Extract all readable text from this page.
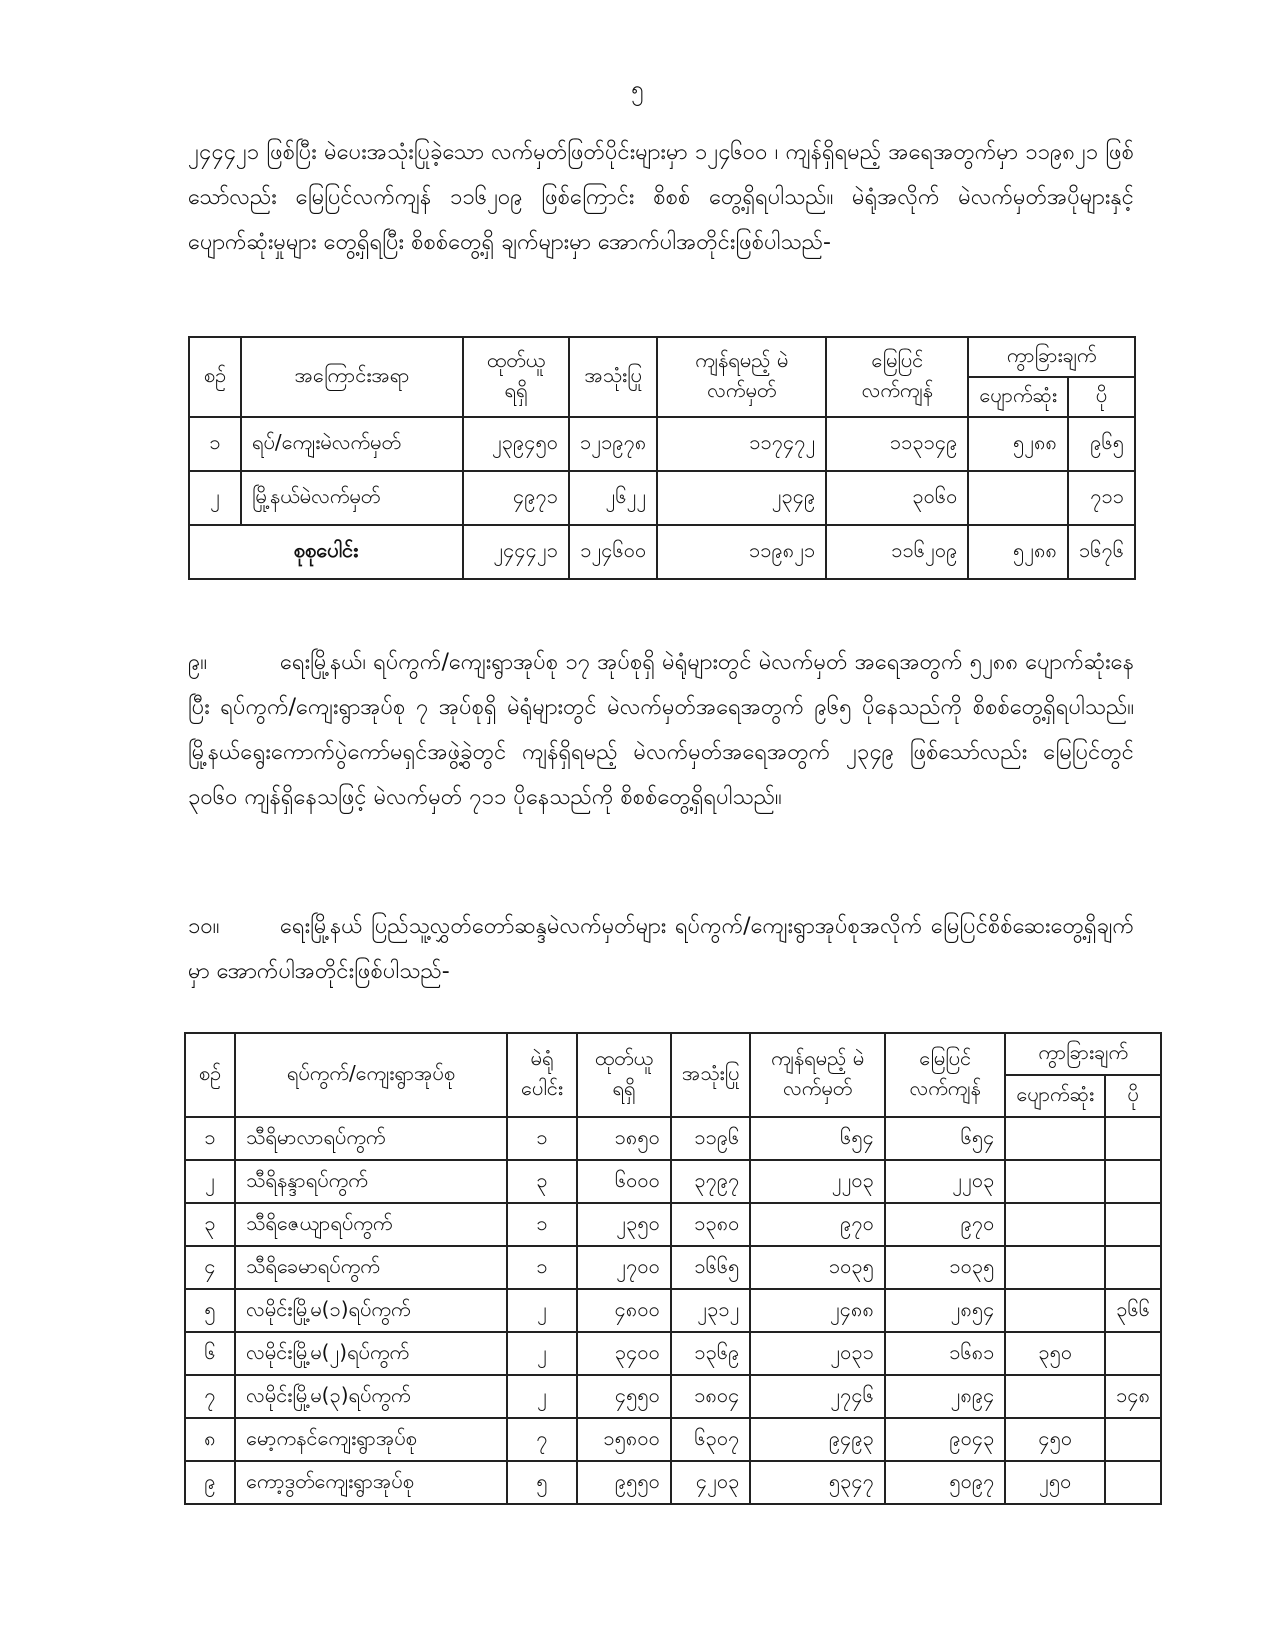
၅

၂၄၄၄၂၁ ဖြစ်ပြီး မဲပေးအသုံးပြုခဲ့သော လက်မှတ်ဖြတ်ပိုင်းများမှာ ၁၂၄၆၀၀ ၊ ကျန်ရှိရမည့် အရေအတွက်မှာ ၁၁၉၈၂၁ ဖြစ်သော်လည်း မြေပြင်လက်ကျန် ၁၁၆၂၀၉ ဖြစ်ကြောင်း စိစစ် တွေ့ရှိရပါသည်။ မဲရုံအလိုက် မဲလက်မှတ်အပိုများနှင့် ပျောက်ဆုံးမှုများ တွေ့ရှိရပြီး စိစစ်တွေ့ရှိ ချက်များမှာ အောက်ပါအတိုင်းဖြစ်ပါသည်-

စဉ်	အကြောင်းအရာ	ထုတ်ယူ ရရှိ	အသုံးပြု	ကျန်ရမည့် မဲလက်မှတ်	မြေပြင် လက်ကျန်	ကွာခြားချက်	
						ပျောက်ဆုံး	ပို
၁	ရပ်/ကျေးမဲလက်မှတ်	၂၃၉၄၅၀	၁၂၁၉၇၈	၁၁၇၄၇၂	၁၁၃၁၄၉	၅၂၈၈	၉၆၅
၂	မြို့နယ်မဲလက်မှတ်	၄၉၇၁	၂၆၂၂	၂၃၄၉	၃၀၆၀		၇၁၁
စုစုပေါင်း		၂၄၄၄၂၁	၁၂၄၆၀၀	၁၁၉၈၂၁	၁၁၆၂၀၉	၅၂၈၈	၁၆၇၆

၉။	ရေးမြို့နယ်၊ ရပ်ကွက်/ကျေးရွာအုပ်စု ၁၇ အုပ်စုရှိ မဲရုံများတွင် မဲလက်မှတ် အရေအတွက် ၅၂၈၈ ပျောက်ဆုံးနေပြီး ရပ်ကွက်/ကျေးရွာအုပ်စု ၇ အုပ်စုရှိ မဲရုံများတွင် မဲလက်မှတ်အရေအတွက် ၉၆၅ ပိုနေသည်ကို စိစစ်တွေ့ရှိရပါသည်။ မြို့နယ်ရွေးကောက်ပွဲကော်မရှင်အဖွဲ့ခွဲတွင် ကျန်ရှိရမည့် မဲလက်မှတ်အရေအတွက် ၂၃၄၉ ဖြစ်သော်လည်း မြေပြင်တွင် ၃၀၆၀ ကျန်ရှိနေသဖြင့် မဲလက်မှတ် ၇၁၁ ပိုနေသည်ကို စိစစ်တွေ့ရှိရပါသည်။

၁၀။	ရေးမြို့နယ် ပြည်သူ့လွှတ်တော်ဆန္ဒမဲလက်မှတ်များ ရပ်ကွက်/ကျေးရွာအုပ်စုအလိုက် မြေပြင်စိစ်ဆေးတွေ့ရှိချက်မှာ အောက်ပါအတိုင်းဖြစ်ပါသည်-

စဉ်	ရပ်ကွက်/ကျေးရွာအုပ်စု	မဲရုံ ပေါင်း	ထုတ်ယူ ရရှိ	အသုံးပြု	ကျန်ရမည့် မဲလက်မှတ်	မြေပြင် လက်ကျန်	ကွာခြားချက်	
							ပျောက်ဆုံး	ပို
၁	သီရိမာလာရပ်ကွက်	၁	၁၈၅၀	၁၁၉၆	၆၅၄	၆၅၄		
၂	သီရိနန္ဒာရပ်ကွက်	၃	၆၀၀၀	၃၇၉၇	၂၂၀၃	၂၂၀၃		
၃	သီရိဇေယျာရပ်ကွက်	၁	၂၃၅၀	၁၃၈၀	၉၇၀	၉၇၀		
၄	သီရိခေမာရပ်ကွက်	၁	၂၇၀၀	၁၆၆၅	၁၀၃၅	၁၀၃၅		
၅	လမိုင်းမြို့မ(၁)ရပ်ကွက်	၂	၄၈၀၀	၂၃၁၂	၂၄၈၈	၂၈၅၄		၃၆၆
၆	လမိုင်းမြို့မ(၂)ရပ်ကွက်	၂	၃၄၀၀	၁၃၆၉	၂၀၃၁	၁၆၈၁	၃၅၀	
၇	လမိုင်းမြို့မ(၃)ရပ်ကွက်	၂	၄၅၅၀	၁၈၀၄	၂၇၄၆	၂၈၉၄		၁၄၈
၈	မော့ကနင်ကျေးရွာအုပ်စု	၇	၁၅၈၀၀	၆၃၀၇	၉၄၉၃	၉၀၄၃	၄၅၀	
၉	ကော့ဒွတ်ကျေးရွာအုပ်စု	၅	၉၅၅၀	၄၂၀၃	၅၃၄၇	၅၀၉၇	၂၅၀	
